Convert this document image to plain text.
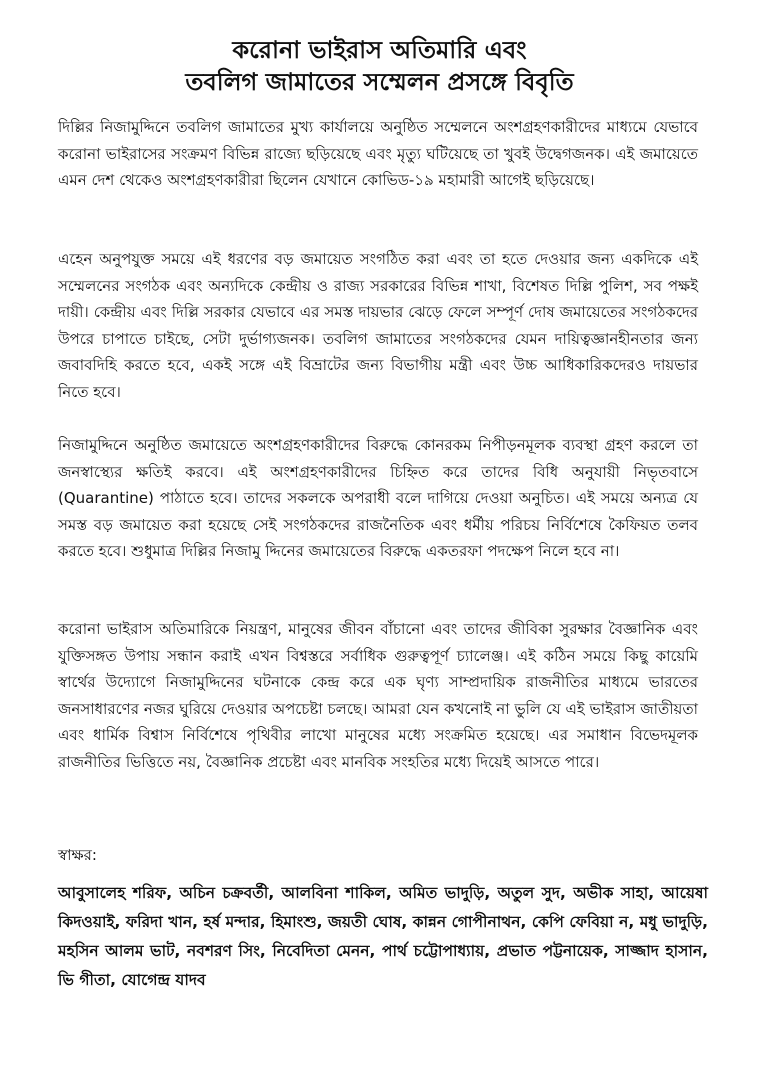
করোনা ভাইরাস অতিমারি এবং
তবলিগ জামাতের সম্মেলন প্রসঙ্গে বিবৃতি

দিল্লির নিজামুদ্দিনে তবলিগ জামাতের মুখ্য কার্যালয়ে অনুষ্ঠিত সম্মেলনে অংশগ্রহণকারীদের মাধ্যমে যেভাবে করোনা ভাইরাসের সংক্রমণ বিভিন্ন রাজ্যে ছড়িয়েছে এবং মৃত্যু ঘটিয়েছে তা খুবই উদ্বেগজনক। এই জমায়েতে এমন দেশ থেকেও অংশগ্রহণকারীরা ছিলেন যেখানে কোভিড-১৯ মহামারী আগেই ছড়িয়েছে।

এহেন অনুপযুক্ত সময়ে এই ধরণের বড় জমায়েত সংগঠিত করা এবং তা হতে দেওয়ার জন্য একদিকে এই সম্মেলনের সংগঠক এবং অন্যদিকে কেন্দ্রীয় ও রাজ্য সরকারের বিভিন্ন শাখা, বিশেষত দিল্লি পুলিশ, সব পক্ষই দায়ী। কেন্দ্রীয় এবং দিল্লি সরকার যেভাবে এর সমস্ত দায়ভার ঝেড়ে ফেলে সম্পূর্ণ দোষ জমায়েতের সংগঠকদের উপরে চাপাতে চাইছে, সেটা দুর্ভাগ্যজনক। তবলিগ জামাতের সংগঠকদের যেমন দায়িত্বজ্ঞানহীনতার জন্য জবাবদিহি করতে হবে, একই সঙ্গে এই বিভ্রাটের জন্য বিভাগীয় মন্ত্রী এবং উচ্চ আধিকারিকদেরও দায়ভার নিতে হবে।

নিজামুদ্দিনে অনুষ্ঠিত জমায়েতে অংশগ্রহণকারীদের বিরুদ্ধে কোনরকম নিপীড়নমূলক ব্যবস্থা গ্রহণ করলে তা জনস্বাস্থ্যের ক্ষতিই করবে। এই অংশগ্রহণকারীদের চিহ্নিত করে তাদের বিধি অনুযায়ী নিভৃতবাসে (Quarantine) পাঠাতে হবে। তাদের সকলকে অপরাধী বলে দাগিয়ে দেওয়া অনুচিত। এই সময়ে অন্যত্র যে সমস্ত বড় জমায়েত করা হয়েছে সেই সংগঠকদের রাজনৈতিক এবং ধর্মীয় পরিচয় নির্বিশেষে কৈফিয়ত তলব করতে হবে। শুধুমাত্র দিল্লির নিজামু দ্দিনের জমায়েতের বিরুদ্ধে একতরফা পদক্ষেপ নিলে হবে না।

করোনা ভাইরাস অতিমারিকে নিয়ন্ত্রণ, মানুষের জীবন বাঁচানো এবং তাদের জীবিকা সুরক্ষার বৈজ্ঞানিক এবং যুক্তিসঙ্গত উপায় সন্ধান করাই এখন বিশ্বস্তরে সর্বাধিক গুরুত্বপূর্ণ চ্যালেঞ্জ। এই কঠিন সময়ে কিছু কায়েমি স্বার্থের উদ্যোগে নিজামুদ্দিনের ঘটনাকে কেন্দ্র করে এক ঘৃণ্য সাম্প্রদায়িক রাজনীতির মাধ্যমে ভারতের জনসাধারণের নজর ঘুরিয়ে দেওয়ার অপচেষ্টা চলছে। আমরা যেন কখনোই না ভুলি যে এই ভাইরাস জাতীয়তা এবং ধার্মিক বিশ্বাস নির্বিশেষে পৃথিবীর লাখো মানুষের মধ্যে সংক্রমিত হয়েছে। এর সমাধান বিভেদমূলক রাজনীতির ভিত্তিতে নয়, বৈজ্ঞানিক প্রচেষ্টা এবং মানবিক সংহতির মধ্যে দিয়েই আসতে পারে।

স্বাক্ষর:

আবুসালেহ শরিফ, অচিন চক্রবর্তী, আলবিনা শাকিল, অমিত ভাদুড়ি, অতুল সুদ, অভীক সাহা, আয়েষা কিদওয়াই, ফরিদা খান, হর্ষ মন্দার, হিমাংশু, জয়তী ঘোষ, কান্নন গোপীনাথন, কেপি ফেবিয়া ন, মধু ভাদুড়ি, মহসিন আলম ভাট, নবশরণ সিং, নিবেদিতা মেনন, পার্থ চট্টোপাধ্যায়, প্রভাত পট্টনায়েক, সাজ্জাদ হাসান, ভি গীতা, যোগেন্দ্র যাদব
